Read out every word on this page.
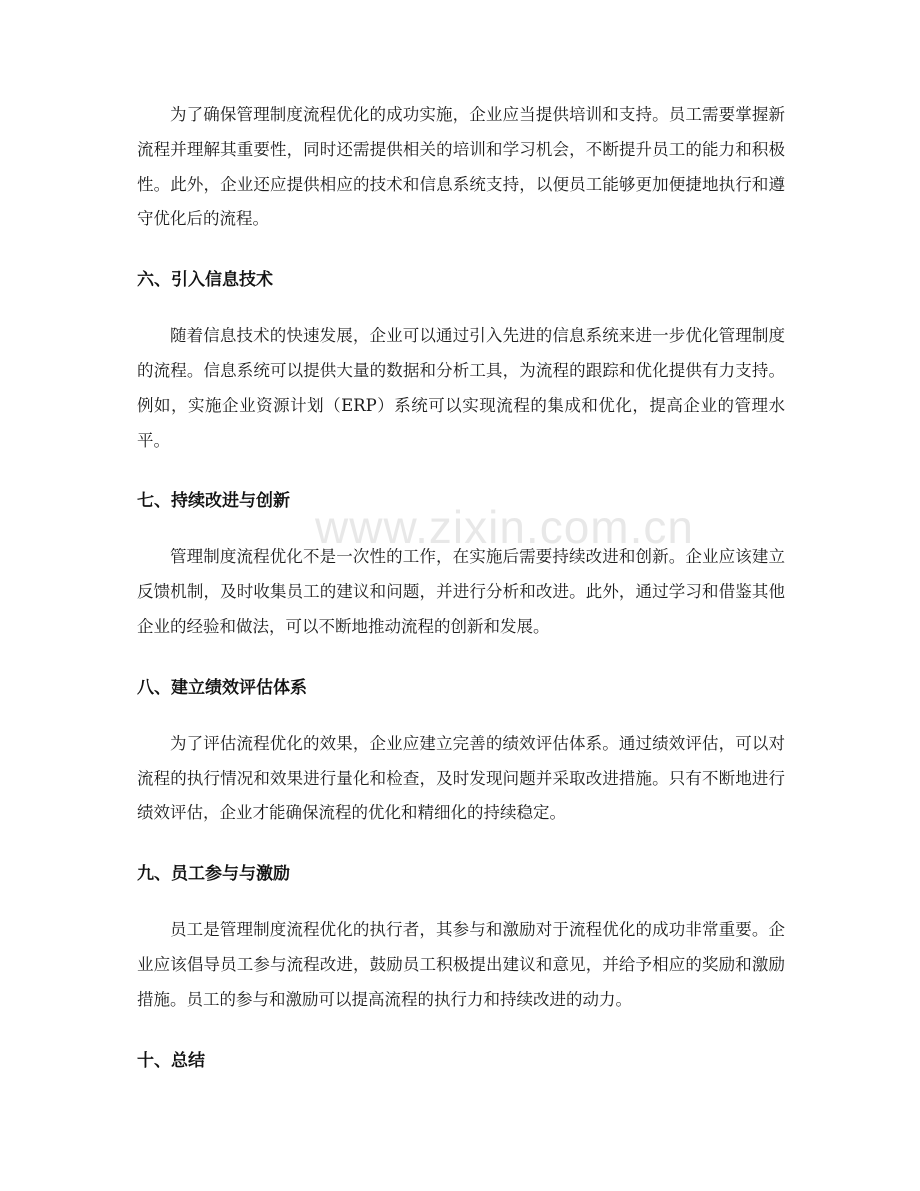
为了确保管理制度流程优化的成功实施，企业应当提供培训和支持。员工需要掌握新流程并理解其重要性，同时还需提供相关的培训和学习机会，不断提升员工的能力和积极性。此外，企业还应提供相应的技术和信息系统支持，以便员工能够更加便捷地执行和遵守优化后的流程。

六、引入信息技术

随着信息技术的快速发展，企业可以通过引入先进的信息系统来进一步优化管理制度的流程。信息系统可以提供大量的数据和分析工具，为流程的跟踪和优化提供有力支持。例如，实施企业资源计划（ERP）系统可以实现流程的集成和优化，提高企业的管理水平。

七、持续改进与创新

管理制度流程优化不是一次性的工作，在实施后需要持续改进和创新。企业应该建立反馈机制，及时收集员工的建议和问题，并进行分析和改进。此外，通过学习和借鉴其他企业的经验和做法，可以不断地推动流程的创新和发展。

八、建立绩效评估体系

为了评估流程优化的效果，企业应建立完善的绩效评估体系。通过绩效评估，可以对流程的执行情况和效果进行量化和检查，及时发现问题并采取改进措施。只有不断地进行绩效评估，企业才能确保流程的优化和精细化的持续稳定。

九、员工参与与激励

员工是管理制度流程优化的执行者，其参与和激励对于流程优化的成功非常重要。企业应该倡导员工参与流程改进，鼓励员工积极提出建议和意见，并给予相应的奖励和激励措施。员工的参与和激励可以提高流程的执行力和持续改进的动力。

十、总结
www.zixin.com.cn
